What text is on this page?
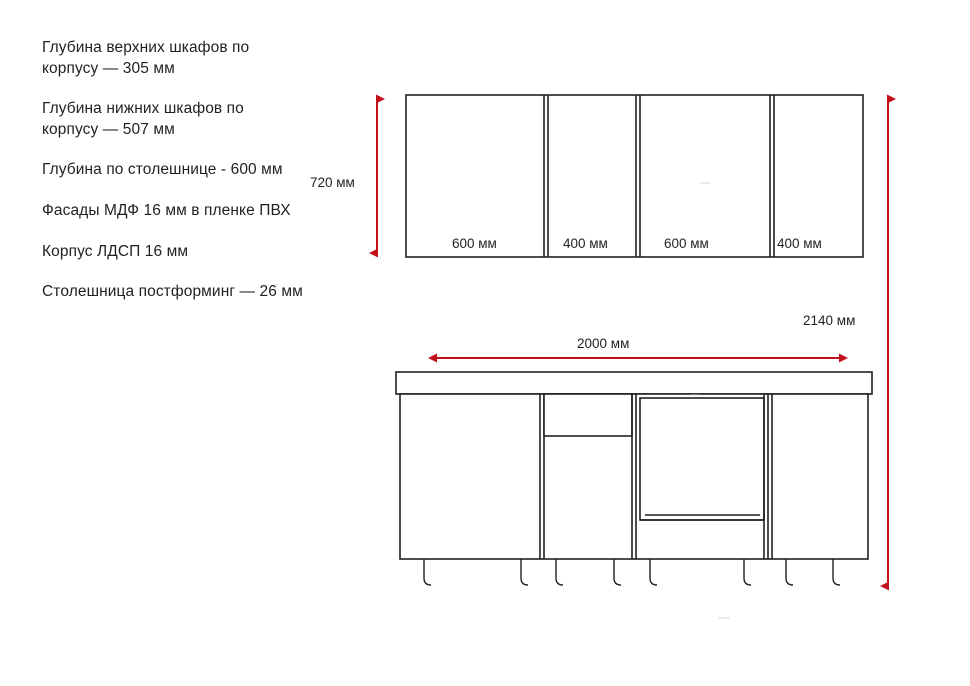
Глубина верхних шкафов по корпусу — 305 мм
Глубина нижних шкафов по корпусу — 507 мм
Глубина по столешнице - 600 мм
Фасады МДФ 16 мм в пленке ПВХ
Корпус ЛДСП 16 мм
Столешница постформинг — 26 мм
720 мм
2140 мм
2000 мм
600 мм	400 мм	600 мм	400 мм
